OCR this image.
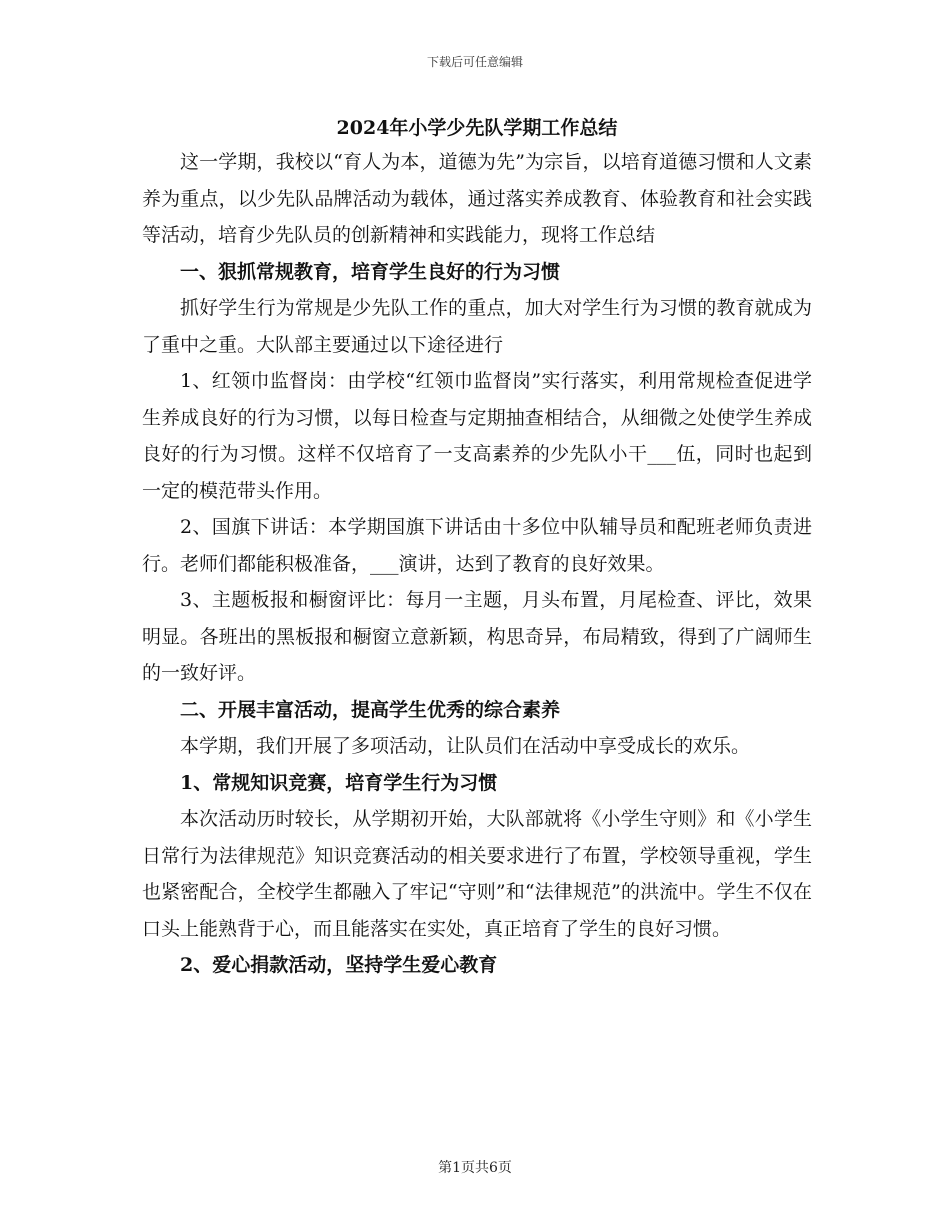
下载后可任意编辑
2024年小学少先队学期工作总结

这一学期，我校以“育人为本，道德为先”为宗旨，以培育道德习惯和人文素养为重点，以少先队品牌活动为载体，通过落实养成教育、体验教育和社会实践等活动，培育少先队员的创新精神和实践能力，现将工作总结

一、狠抓常规教育，培育学生良好的行为习惯

抓好学生行为常规是少先队工作的重点，加大对学生行为习惯的教育就成为了重中之重。大队部主要通过以下途径进行

1、红领巾监督岗：由学校“红领巾监督岗”实行落实，利用常规检查促进学生养成良好的行为习惯，以每日检查与定期抽查相结合，从细微之处使学生养成良好的行为习惯。这样不仅培育了一支高素养的少先队小干___伍，同时也起到一定的模范带头作用。

2、国旗下讲话：本学期国旗下讲话由十多位中队辅导员和配班老师负责进行。老师们都能积极准备，___演讲，达到了教育的良好效果。

3、主题板报和橱窗评比：每月一主题，月头布置，月尾检查、评比，效果明显。各班出的黑板报和橱窗立意新颖，构思奇异，布局精致，得到了广阔师生的一致好评。

二、开展丰富活动，提高学生优秀的综合素养

本学期，我们开展了多项活动，让队员们在活动中享受成长的欢乐。

1、常规知识竞赛，培育学生行为习惯

本次活动历时较长，从学期初开始，大队部就将《小学生守则》和《小学生日常行为法律规范》知识竞赛活动的相关要求进行了布置，学校领导重视，学生也紧密配合，全校学生都融入了牢记“守则”和“法律规范”的洪流中。学生不仅在口头上能熟背于心，而且能落实在实处，真正培育了学生的良好习惯。

2、爱心捐款活动，坚持学生爱心教育

第1页共6页
